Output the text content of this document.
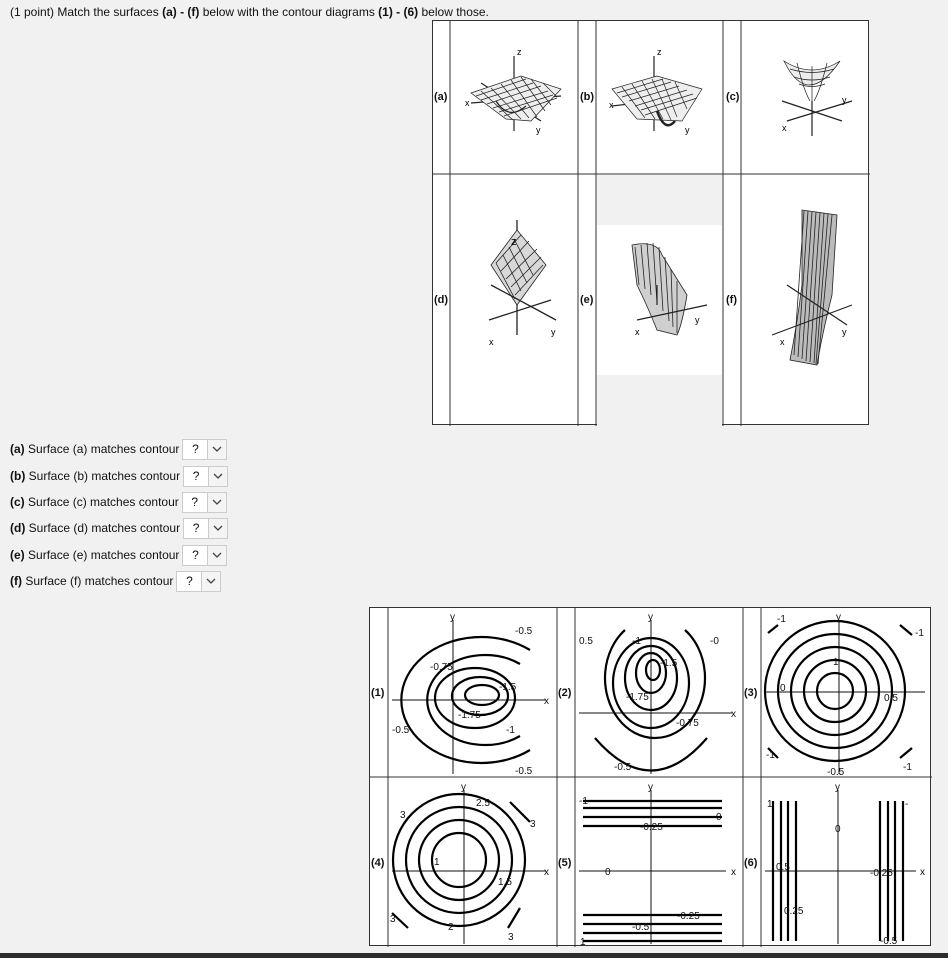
(1 point) Match the surfaces (a) - (f) below with the contour diagrams (1) - (6) below those.
(a)	(b)	(c)
(d)	(e)	(f)
z
x
y
z
x
y	x
y
z
x
y	x
y
x
y
(a) Surface (a) matches contour	?
(b) Surface (b) matches contour	?
(c) Surface (c) matches contour	?
(d) Surface (d) matches contour	?
(e) Surface (e) matches contour	?
(f) Surface (f) matches contour	?
(1)	(2)	(3)
(4)	(5)	(6)
-0.75
-1.5
-1.75
-1
-0.5
-0.5
-0.5
y
x
0.5	-1
-1.5
-1.75
-0.75
-0.5
-0
y
x
-1
-1
0
1
0.5
-1
-0.5	-1
y
3
2.5
3
1
1.5
3
2
3
y
x
-1
-0.25
0
0
-0.25
-0.5
1
y
x
1
0
0.5
0.25
-0.25
-0.5
-
y
x
